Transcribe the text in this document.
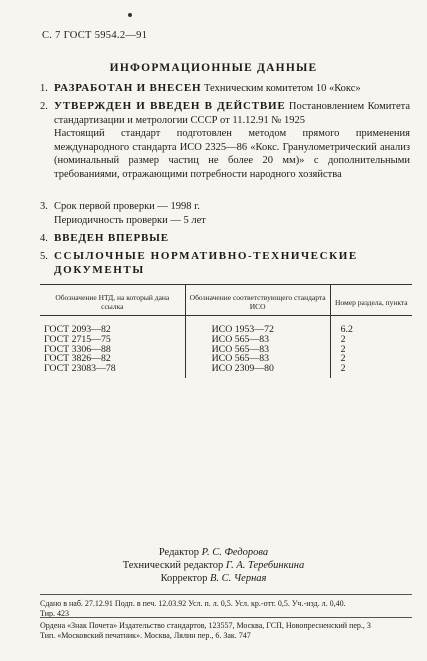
С. 7 ГОСТ 5954.2—91
ИНФОРМАЦИОННЫЕ ДАННЫЕ
1. РАЗРАБОТАН И ВНЕСЕН Техническим комитетом 10 «Кокс»
2. УТВЕРЖДЕН И ВВЕДЕН В ДЕЙСТВИЕ Постановлением Комитета стандартизации и метрологии СССР от 11.12.91 № 1925
Настоящий стандарт подготовлен методом прямого применения международного стандарта ИСО 2325—86 «Кокс. Гранулометрический анализ (номинальный размер частиц не более 20 мм)» с дополнительными требованиями, отражающими потребности народного хозяйства
3. Срок первой проверки — 1998 г.
Периодичность проверки — 5 лет
4. ВВЕДЕН ВПЕРВЫЕ
5. ССЫЛОЧНЫЕ НОРМАТИВНО-ТЕХНИЧЕСКИЕ ДОКУМЕНТЫ
Обозначение НТД, на который дана ссылка	Обозначение соответствующего стандарта ИСО	Номер раздела, пункта
ГОСТ 2093—82	ИСО 1953—72	6.2
ГОСТ 2715—75	ИСО 565—83	2
ГОСТ 3306—88	ИСО 565—83	2
ГОСТ 3826—82	ИСО 565—83	2
ГОСТ 23083—78	ИСО 2309—80	2
Редактор Р. С. Федорова
Технический редактор Г. А. Теребинкина
Корректор В. С. Черная
Сдано в наб. 27.12.91 Подп. в печ. 12.03.92 Усл. п. л. 0,5. Усл. кр.-отт. 0,5. Уч.-изд. л. 0,40.
Тир. 423
Ордена «Знак Почета» Издательство стандартов, 123557, Москва, ГСП, Новопресненский пер., 3
Тип. «Московский печатник». Москва, Лялин пер., 6. Зак. 747
